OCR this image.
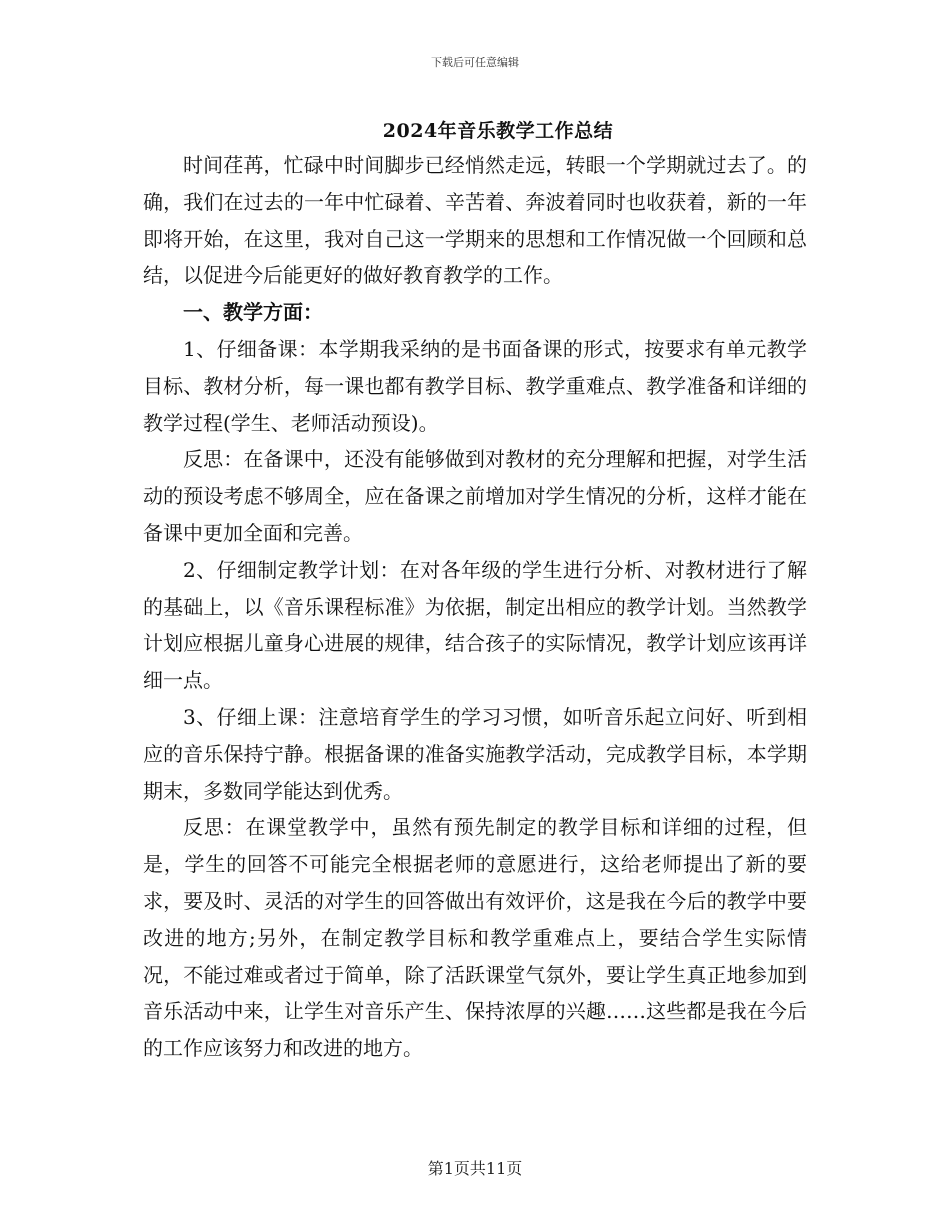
下载后可任意编辑
2024年音乐教学工作总结

时间荏苒，忙碌中时间脚步已经悄然走远，转眼一个学期就过去了。的确，我们在过去的一年中忙碌着、辛苦着、奔波着同时也收获着，新的一年即将开始，在这里，我对自己这一学期来的思想和工作情况做一个回顾和总结，以促进今后能更好的做好教育教学的工作。

一、教学方面：

1、仔细备课：本学期我采纳的是书面备课的形式，按要求有单元教学目标、教材分析，每一课也都有教学目标、教学重难点、教学准备和详细的教学过程(学生、老师活动预设)。

反思：在备课中，还没有能够做到对教材的充分理解和把握，对学生活动的预设考虑不够周全，应在备课之前增加对学生情况的分析，这样才能在备课中更加全面和完善。

2、仔细制定教学计划：在对各年级的学生进行分析、对教材进行了解的基础上，以《音乐课程标准》为依据，制定出相应的教学计划。当然教学计划应根据儿童身心进展的规律，结合孩子的实际情况，教学计划应该再详细一点。

3、仔细上课：注意培育学生的学习习惯，如听音乐起立问好、听到相应的音乐保持宁静。根据备课的准备实施教学活动，完成教学目标，本学期期末，多数同学能达到优秀。

反思：在课堂教学中，虽然有预先制定的教学目标和详细的过程，但是，学生的回答不可能完全根据老师的意愿进行，这给老师提出了新的要求，要及时、灵活的对学生的回答做出有效评价，这是我在今后的教学中要改进的地方;另外，在制定教学目标和教学重难点上，要结合学生实际情况，不能过难或者过于简单，除了活跃课堂气氛外，要让学生真正地参加到音乐活动中来，让学生对音乐产生、保持浓厚的兴趣……这些都是我在今后的工作应该努力和改进的地方。

第1页共11页
